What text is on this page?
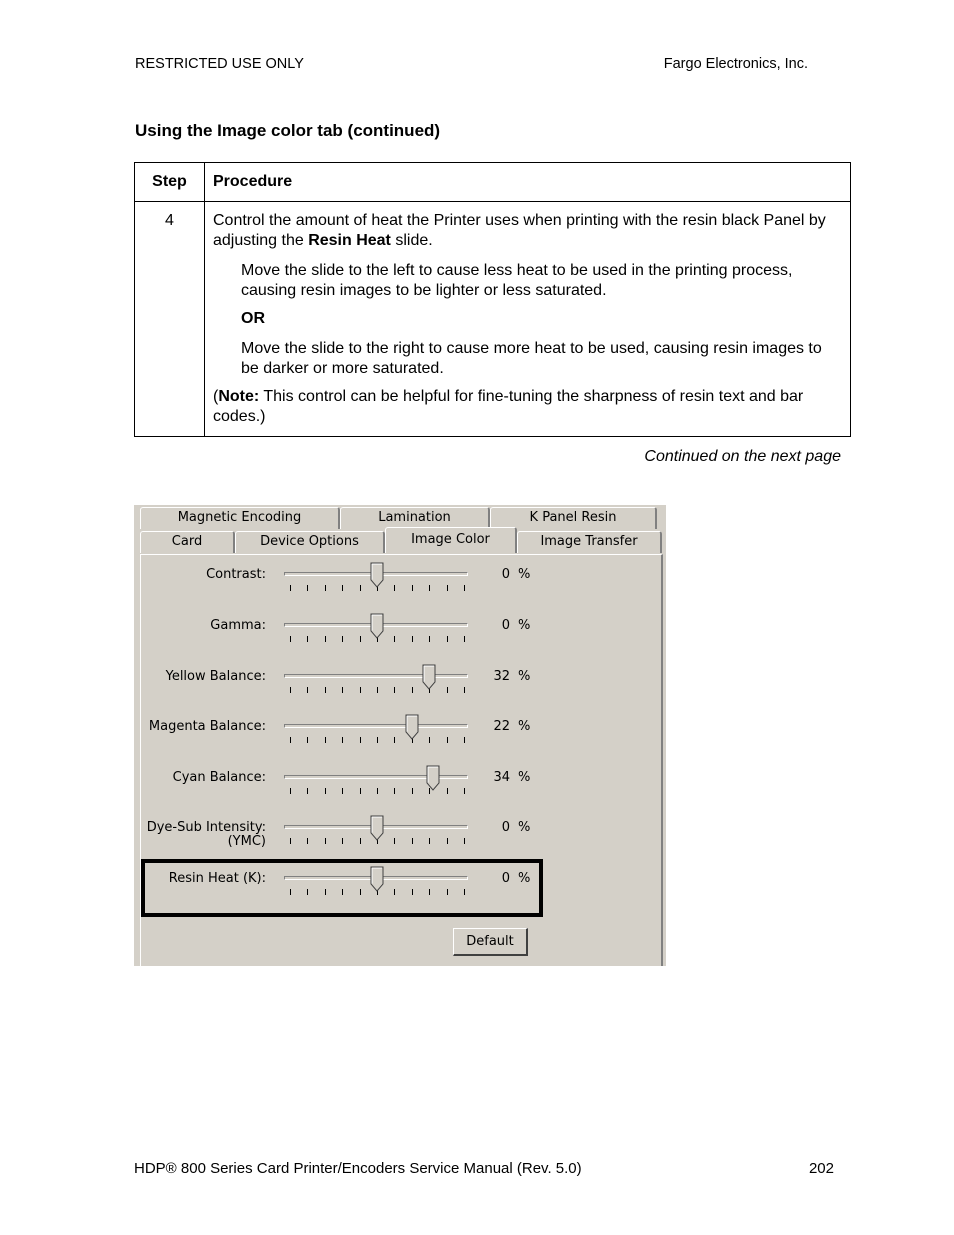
RESTRICTED USE ONLY	Fargo Electronics, Inc.
Using the Image color tab (continued)
Step	Procedure
4	Control the amount of heat the Printer uses when printing with the resin black Panel by adjusting the Resin Heat slide.

Move the slide to the left to cause less heat to be used in the printing process, causing resin images to be lighter or less saturated.

OR

Move the slide to the right to cause more heat to be used, causing resin images to be darker or more saturated.

(Note: This control can be helpful for fine-tuning the sharpness of resin text and bar codes.)

Continued on the next page
Magnetic Encoding	Lamination	K Panel Resin
Card	Device Options	Image Color	Image Transfer
Contrast:	0 %
Gamma:	0 %
Yellow Balance:	32 %
Magenta Balance:	22 %
Cyan Balance:	34 %
Dye-Sub Intensity:
(YMC)
0 %
Resin Heat (K):	0 %
Default
HDP® 800 Series Card Printer/Encoders Service Manual (Rev. 5.0)	202
